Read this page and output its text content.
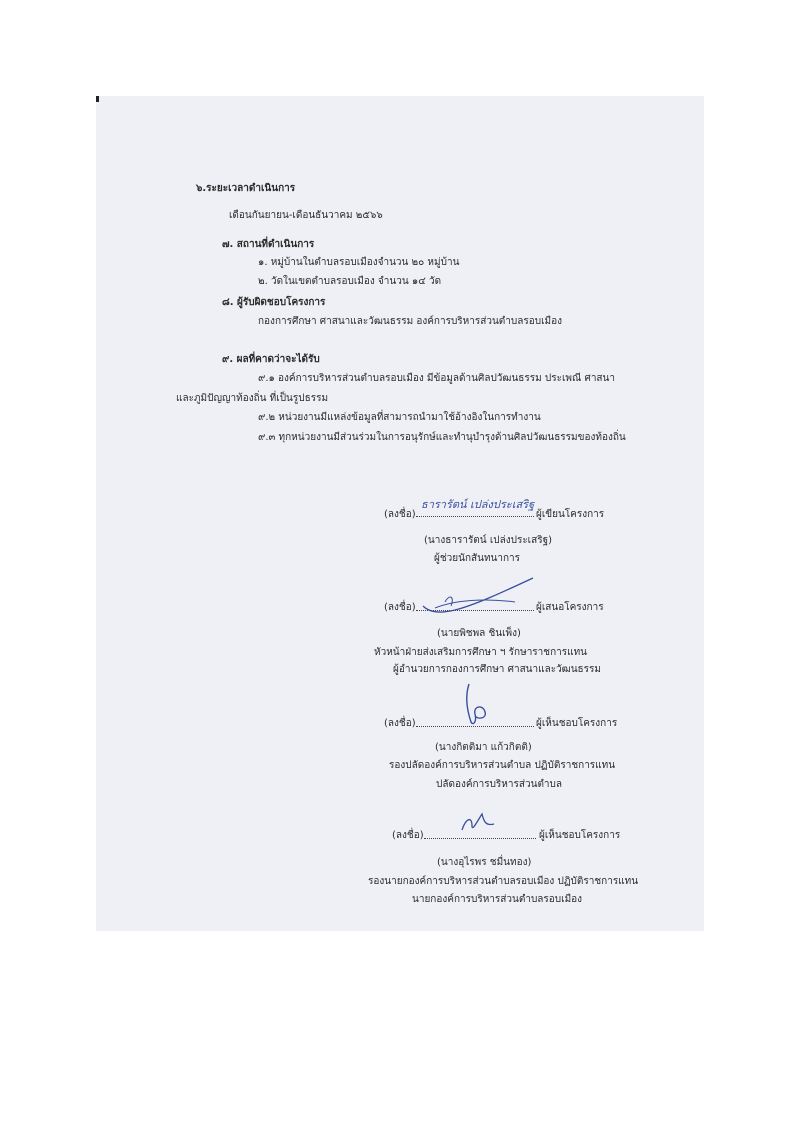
๖.ระยะเวลาดำเนินการ
เดือนกันยายน-เดือนธันวาคม ๒๕๖๖
๗. สถานที่ดำเนินการ
๑. หมู่บ้านในตำบลรอบเมืองจำนวน ๒๐ หมู่บ้าน
๒. วัดในเขตตำบลรอบเมือง จำนวน ๑๔ วัด
๘. ผู้รับผิดชอบโครงการ
กองการศึกษา ศาสนาและวัฒนธรรม องค์การบริหารส่วนตำบลรอบเมือง
๙. ผลที่คาดว่าจะได้รับ
๙.๑ องค์การบริหารส่วนตำบลรอบเมือง มีข้อมูลด้านศิลปวัฒนธรรม ประเพณี ศาสนา
และภูมิปัญญาท้องถิ่น ที่เป็นรูปธรรม
๙.๒ หน่วยงานมีแหล่งข้อมูลที่สามารถนำมาใช้อ้างอิงในการทำงาน
๙.๓ ทุกหน่วยงานมีส่วนร่วมในการอนุรักษ์และทำนุบำรุงด้านศิลปวัฒนธรรมของท้องถิ่น
(ลงชื่อ)
ธารารัตน์ เปล่งประเสริฐ
ผู้เขียนโครงการ
(นางธารารัตน์ เปล่งประเสริฐ)
ผู้ช่วยนักสันทนาการ
(ลงชื่อ)	ผู้เสนอโครงการ
(นายพิชพล ชินเพ็ง)
หัวหน้าฝ่ายส่งเสริมการศึกษา ฯ รักษาราชการแทน
ผู้อำนวยการกองการศึกษา ศาสนาและวัฒนธรรม
(ลงชื่อ)	ผู้เห็นชอบโครงการ
(นางกิตติมา แก้วกิตติ)
รองปลัดองค์การบริหารส่วนตำบล ปฏิบัติราชการแทน
ปลัดองค์การบริหารส่วนตำบล
(ลงชื่อ)	ผู้เห็นชอบโครงการ
(นางอุไรพร ชมื่นทอง)
รองนายกองค์การบริหารส่วนตำบลรอบเมือง ปฏิบัติราชการแทน
นายกองค์การบริหารส่วนตำบลรอบเมือง
